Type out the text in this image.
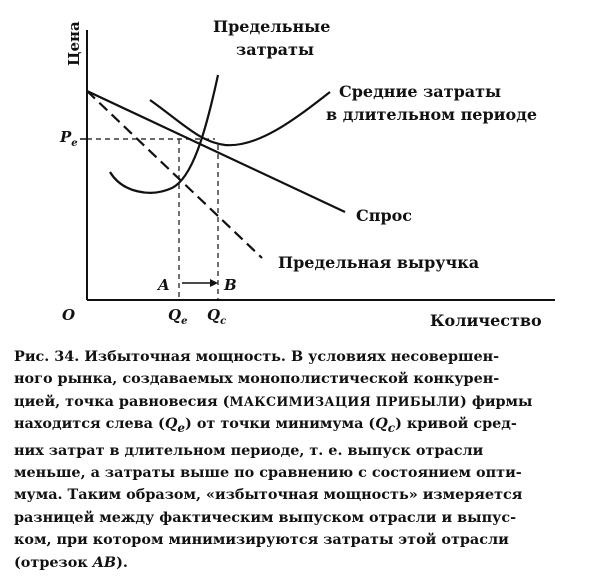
Цена
Количество
O
$P_e$
A	B
$Q_e$ $Q_c$
Предельные
затраты
Средние затраты
в длительном периоде
Спрос
Предельная выручка
Рис. 34. Избыточная мощность. В условиях несовершен-
ного рынка, создаваемых монополистической конкурен-
цией, точка равновесия (МАКСИМИЗАЦИЯ ПРИБЫЛИ) фирмы
находится слева $(Q_e)$ от точки минимума $(Q_c)$ кривой сред-
них затрат в длительном периоде, т. е. выпуск отрасли
меньше, а затраты выше по сравнению с состоянием опти-
мума. Таким образом, «избыточная мощность» измеряется
разницей между фактическим выпуском отрасли и выпус-
ком, при котором минимизируются затраты этой отрасли
(отрезок AB).
